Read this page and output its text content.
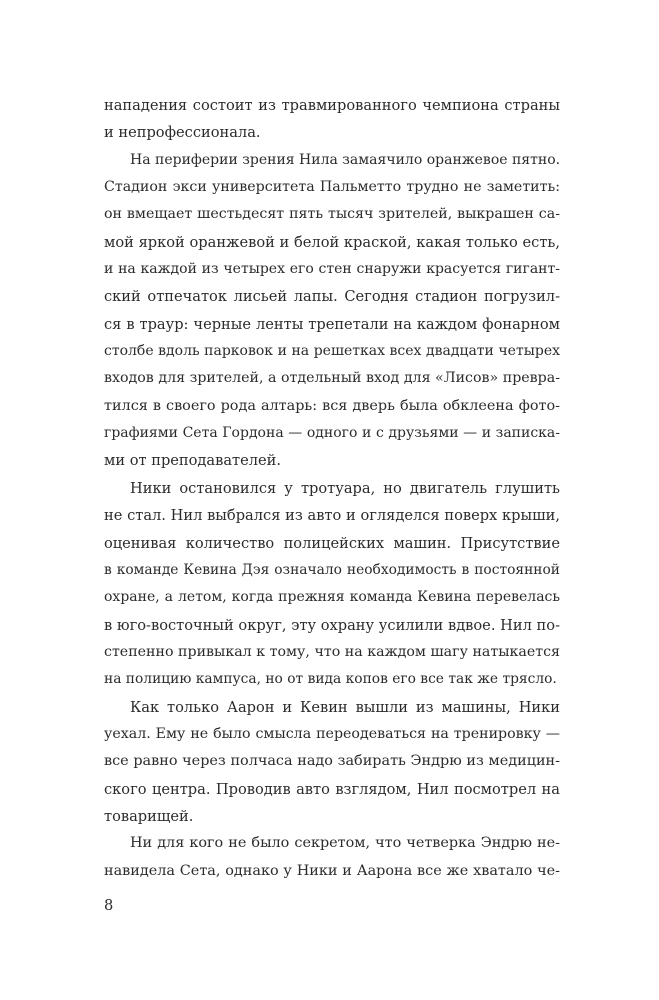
нападения состоит из травмированного чемпиона страны
и непрофессионала.
На периферии зрения Нила замаячило оранжевое пятно.
Стадион экси университета Пальметто трудно не заметить:
он вмещает шестьдесят пять тысяч зрителей, выкрашен са-
мой яркой оранжевой и белой краской, какая только есть,
и на каждой из четырех его стен снаружи красуется гигант-
ский отпечаток лисьей лапы. Сегодня стадион погрузил-
ся в траур: черные ленты трепетали на каждом фонарном
столбе вдоль парковок и на решетках всех двадцати четырех
входов для зрителей, а отдельный вход для «Лисов» превра-
тился в своего рода алтарь: вся дверь была обклеена фото-
графиями Сета Гордона — одного и с друзьями — и записка-
ми от преподавателей.
Ники остановился у тротуара, но двигатель глушить
не стал. Нил выбрался из авто и огляделся поверх крыши,
оценивая количество полицейских машин. Присутствие
в команде Кевина Дэя означало необходимость в постоянной
охране, а летом, когда прежняя команда Кевина перевелась
в юго-восточный округ, эту охрану усилили вдвое. Нил по-
степенно привыкал к тому, что на каждом шагу натыкается
на полицию кампуса, но от вида копов его все так же трясло.
Как только Аарон и Кевин вышли из машины, Ники
уехал. Ему не было смысла переодеваться на тренировку —
все равно через полчаса надо забирать Эндрю из медицин-
ского центра. Проводив авто взглядом, Нил посмотрел на
товарищей.
Ни для кого не было секретом, что четверка Эндрю не-
навидела Сета, однако у Ники и Аарона все же хватало че-
8
